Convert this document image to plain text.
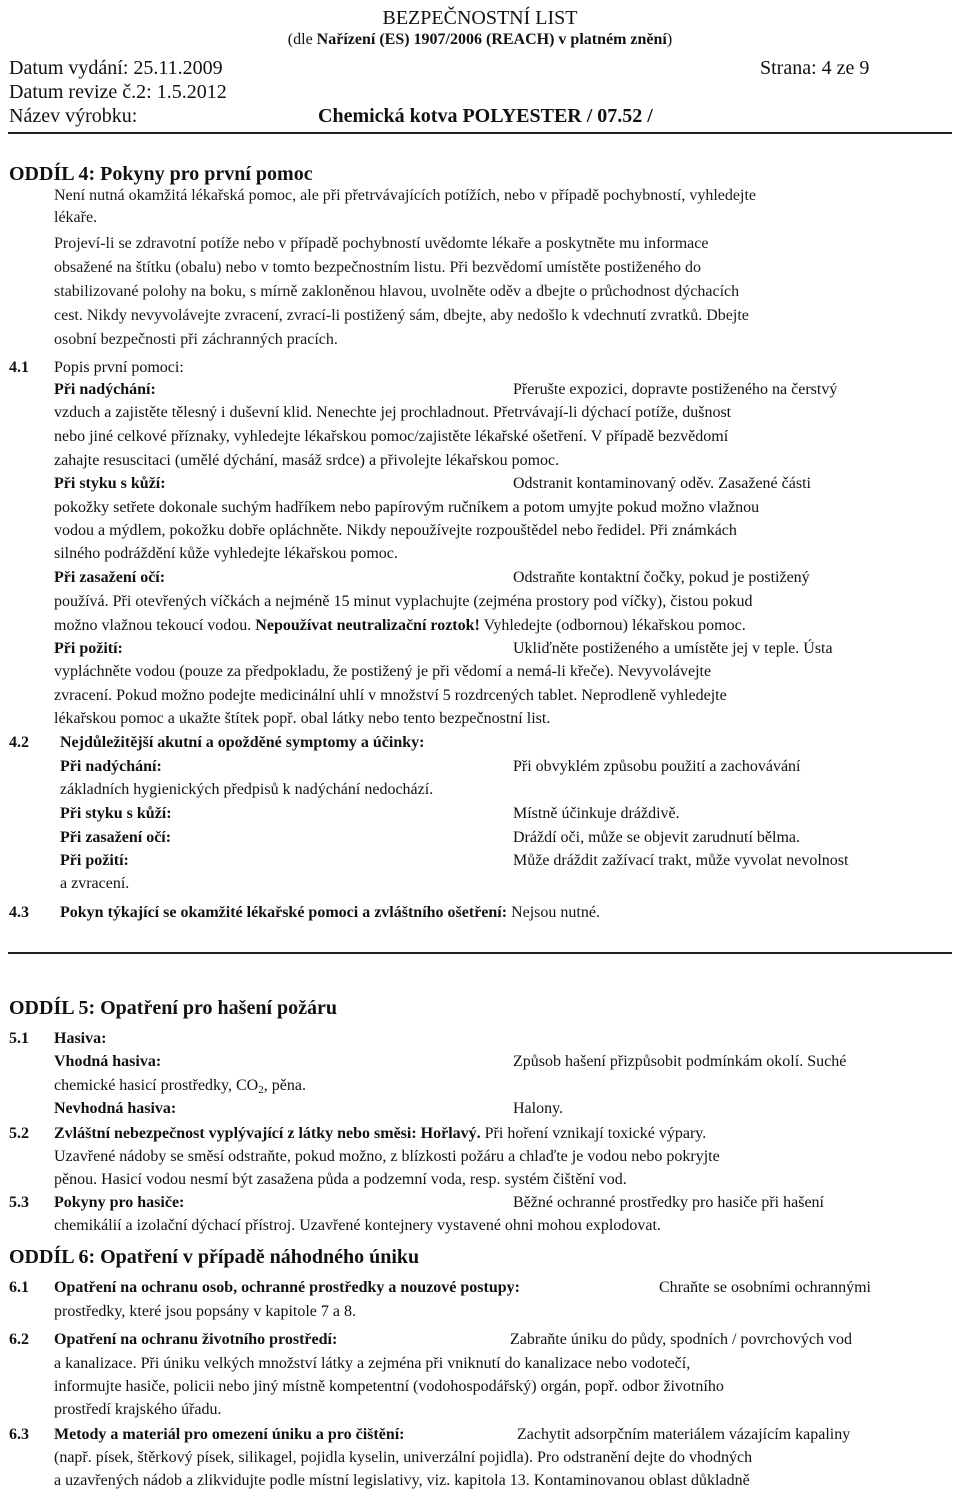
BEZPEČNOSTNÍ LIST
(dle Nařízení (ES) 1907/2006 (REACH) v platném znění)
Datum vydání: 25.11.2009	Strana: 4 ze 9
Datum revize č.2: 1.5.2012
Název výrobku:	Chemická kotva POLYESTER / 07.52 /
ODDÍL 4: Pokyny pro první pomoc
Není nutná okamžitá lékařská pomoc, ale při přetrvávajících potížích, nebo v případě pochybností, vyhledejte
lékaře.
Projeví-li se zdravotní potíže nebo v případě pochybností uvědomte lékaře a poskytněte mu informace
obsažené na štítku (obalu) nebo v tomto bezpečnostním listu. Při bezvědomí umístěte postiženého do
stabilizované polohy na boku, s mírně zakloněnou hlavou, uvolněte oděv a dbejte o průchodnost dýchacích
cest. Nikdy nevyvolávejte zvracení, zvrací-li postižený sám, dbejte, aby nedošlo k vdechnutí zvratků. Dbejte
osobní bezpečnosti při záchranných pracích.
4.1 Popis první pomoci:
Při nadýchání:	Přerušte expozici, dopravte postiženého na čerstvý
vzduch a zajistěte tělesný i duševní klid. Nenechte jej prochladnout. Přetrvávají-li dýchací potíže, dušnost
nebo jiné celkové příznaky, vyhledejte lékařskou pomoc/zajistěte lékařské ošetření. V případě bezvědomí
zahajte resuscitaci (umělé dýchání, masáž srdce) a přivolejte lékařskou pomoc.
Při styku s kůží:	Odstranit kontaminovaný oděv. Zasažené části
pokožky setřete dokonale suchým hadříkem nebo papírovým ručníkem a potom umyjte pokud možno vlažnou
vodou a mýdlem, pokožku dobře opláchněte. Nikdy nepoužívejte rozpouštědel nebo ředidel. Při známkách
silného podráždění kůže vyhledejte lékařskou pomoc.
Při zasažení očí:	Odstraňte kontaktní čočky, pokud je postižený
používá. Při otevřených víčkách a nejméně 15 minut vyplachujte (zejména prostory pod víčky), čistou pokud
možno vlažnou tekoucí vodou. Nepoužívat neutralizační roztok! Vyhledejte (odbornou) lékařskou pomoc.
Při požití:	Ukliďněte postiženého a umístěte jej v teple. Ústa
vypláchněte vodou (pouze za předpokladu, že postižený je při vědomí a nemá-li křeče). Nevyvolávejte
zvracení. Pokud možno podejte medicinální uhlí v množství 5 rozdrcených tablet. Neprodleně vyhledejte
lékařskou pomoc a ukažte štítek popř. obal látky nebo tento bezpečnostní list.
4.2 Nejdůležitější akutní a opožděné symptomy a účinky:
Při nadýchání:	Při obvyklém způsobu použití a zachovávání
základních hygienických předpisů k nadýchání nedochází.
Při styku s kůží:	Místně účinkuje dráždivě.
Při zasažení očí:	Dráždí oči, může se objevit zarudnutí bělma.
Při požití:	Může dráždit zažívací trakt, může vyvolat nevolnost
a zvracení.
4.3 Pokyn týkající se okamžité lékařské pomoci a zvláštního ošetření: Nejsou nutné.
ODDÍL 5: Opatření pro hašení požáru
5.1 Hasiva:
Vhodná hasiva:	Způsob hašení přizpůsobit podmínkám okolí. Suché
chemické hasicí prostředky, $CO_2$, pěna.
Nevhodná hasiva:	Halony.
5.2 Zvláštní nebezpečnost vyplývající z látky nebo směsi: Hořlavý. Při hoření vznikají toxické výpary.
Uzavřené nádoby se směsí odstraňte, pokud možno, z blízkosti požáru a chlaďte je vodou nebo pokryjte
pěnou. Hasicí vodou nesmí být zasažena půda a podzemní voda, resp. systém čištění vod.
5.3 Pokyny pro hasiče:	Běžné ochranné prostředky pro hasiče při hašení
chemikálií a izolační dýchací přístroj. Uzavřené kontejnery vystavené ohni mohou explodovat.
ODDÍL 6: Opatření v případě náhodného úniku
6.1 Opatření na ochranu osob, ochranné prostředky a nouzové postupy:	Chraňte se osobními ochrannými
prostředky, které jsou popsány v kapitole 7 a 8.
6.2 Opatření na ochranu životního prostředí:	Zabraňte úniku do půdy, spodních / povrchových vod
a kanalizace. Při úniku velkých množství látky a zejména při vniknutí do kanalizace nebo vodotečí,
informujte hasiče, policii nebo jiný místně kompetentní (vodohospodářský) orgán, popř. odbor životního
prostředí krajského úřadu.
6.3 Metody a materiál pro omezení úniku a pro čištění:	Zachytit adsorpčním materiálem vázajícím kapaliny
(např. písek, štěrkový písek, silikagel, pojidla kyselin, univerzální pojidla). Pro odstranění dejte do vhodných
a uzavřených nádob a zlikvidujte podle místní legislativy, viz. kapitola 13. Kontaminovanou oblast důkladně
